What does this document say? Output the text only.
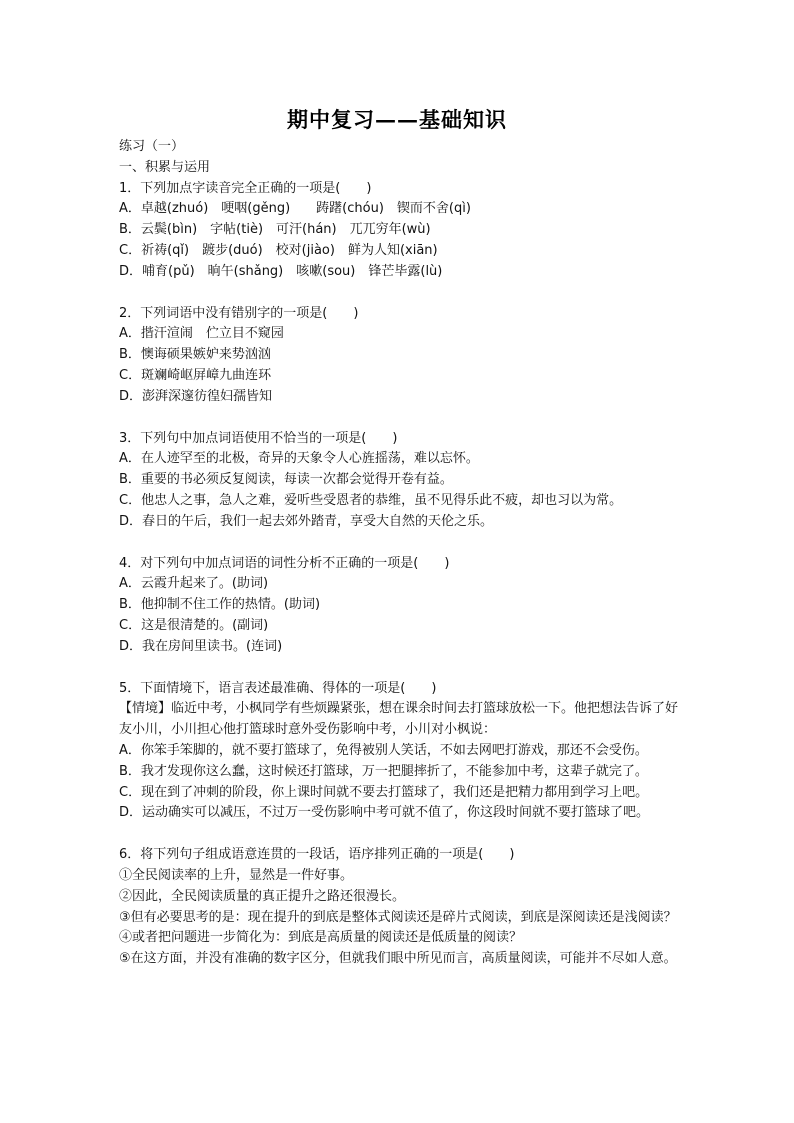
期中复习——基础知识
练习（一）
一、积累与运用
1．下列加点字读音完全正确的一项是(　　)
A．卓越(zhuó)　哽咽(gěng)　　踌躇(chóu)　锲而不舍(qì)
B．云鬓(bìn)　字帖(tiè)　可汗(hán)　兀兀穷年(wù)
C．祈祷(qǐ)　踱步(duó)　校对(jiào)　鲜为人知(xiān)
D．哺育(pǔ)　晌午(shǎng)　咳嗽(sou)　锋芒毕露(lù)
2．下列词语中没有错别字的一项是(　　)
A．揩汗渲闹　伫立目不窥园
B．懊诲硕果嫉妒来势汹汹
C．斑斓崎岖屏嶂九曲连环
D．澎湃深邃彷徨妇孺皆知
3．下列句中加点词语使用不恰当的一项是(　　)
A．在人迹罕至的北极，奇异的天象令人心旌摇荡，难以忘怀。
B．重要的书必须反复阅读，每读一次都会觉得开卷有益。
C．他忠人之事，急人之难，爱听些受恩者的恭维，虽不见得乐此不疲，却也习以为常。
D．春日的午后，我们一起去郊外踏青，享受大自然的天伦之乐。
4．对下列句中加点词语的词性分析不正确的一项是(　　)
A．云霞升起来了。(助词)
B．他抑制不住工作的热情。(助词)
C．这是很清楚的。(副词)
D．我在房间里读书。(连词)
5．下面情境下，语言表述最准确、得体的一项是(　　)
【情境】临近中考，小枫同学有些烦躁紧张，想在课余时间去打篮球放松一下。他把想法告诉了好友小川，小川担心他打篮球时意外受伤影响中考，小川对小枫说：
A．你笨手笨脚的，就不要打篮球了，免得被别人笑话，不如去网吧打游戏，那还不会受伤。
B．我才发现你这么蠢，这时候还打篮球，万一把腿摔折了，不能参加中考，这辈子就完了。
C．现在到了冲刺的阶段，你上课时间就不要去打篮球了，我们还是把精力都用到学习上吧。
D．运动确实可以减压，不过万一受伤影响中考可就不值了，你这段时间就不要打篮球了吧。
6．将下列句子组成语意连贯的一段话，语序排列正确的一项是(　　)
①全民阅读率的上升，显然是一件好事。
②因此，全民阅读质量的真正提升之路还很漫长。
③但有必要思考的是：现在提升的到底是整体式阅读还是碎片式阅读，到底是深阅读还是浅阅读？
④或者把问题进一步简化为：到底是高质量的阅读还是低质量的阅读？
⑤在这方面，并没有准确的数字区分，但就我们眼中所见而言，高质量阅读，可能并不尽如人意。
